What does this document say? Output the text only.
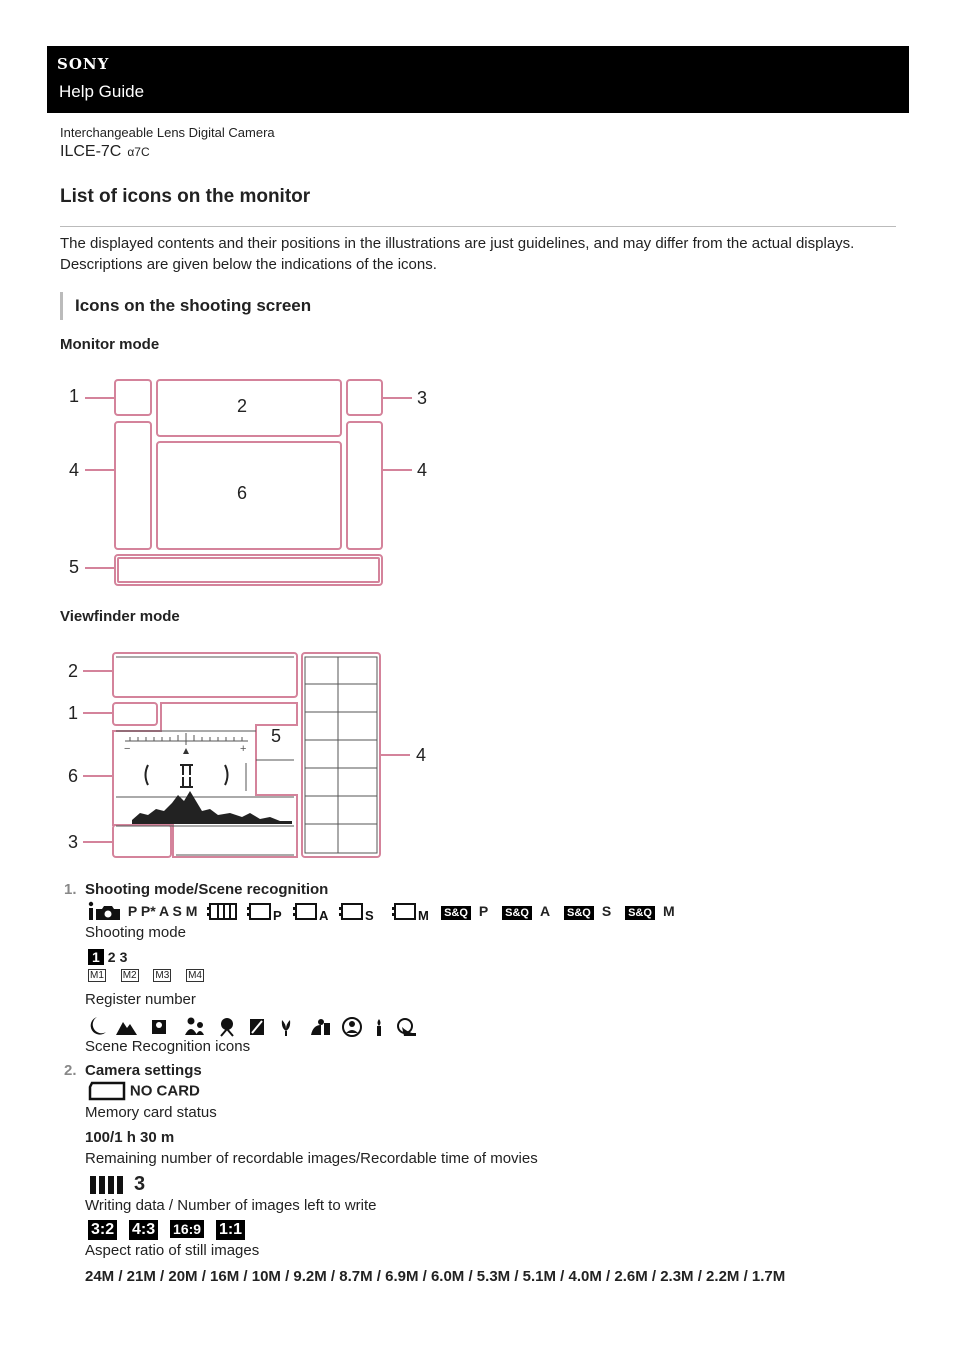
SONY
Help Guide
Interchangeable Lens Digital Camera
ILCE-7C α7C
List of icons on the monitor
The displayed contents and their positions in the illustrations are just guidelines, and may differ from the actual displays. Descriptions are given below the indications of the icons.
Icons on the shooting screen
Monitor mode
1	2	3
4	4
6
5
Viewfinder mode
−	+
2
1
6
3
5
4
1. Shooting mode/Scene recognition
P P* A S M	P	A	S
	M S&Q P S&Q A S&Q S S&Q M
Shooting mode
1 2 3
M1 M2 M3 M4
Register number
Scene Recognition icons
2. Camera settings
NO CARD
Memory card status
100/1 h 30 m
Remaining number of recordable images/Recordable time of movies
3
Writing data / Number of images left to write
3:2 4:3 16:9 1:1
Aspect ratio of still images
24M / 21M / 20M / 16M / 10M / 9.2M / 8.7M / 6.9M / 6.0M / 5.3M / 5.1M / 4.0M / 2.6M / 2.3M / 2.2M / 1.7M
